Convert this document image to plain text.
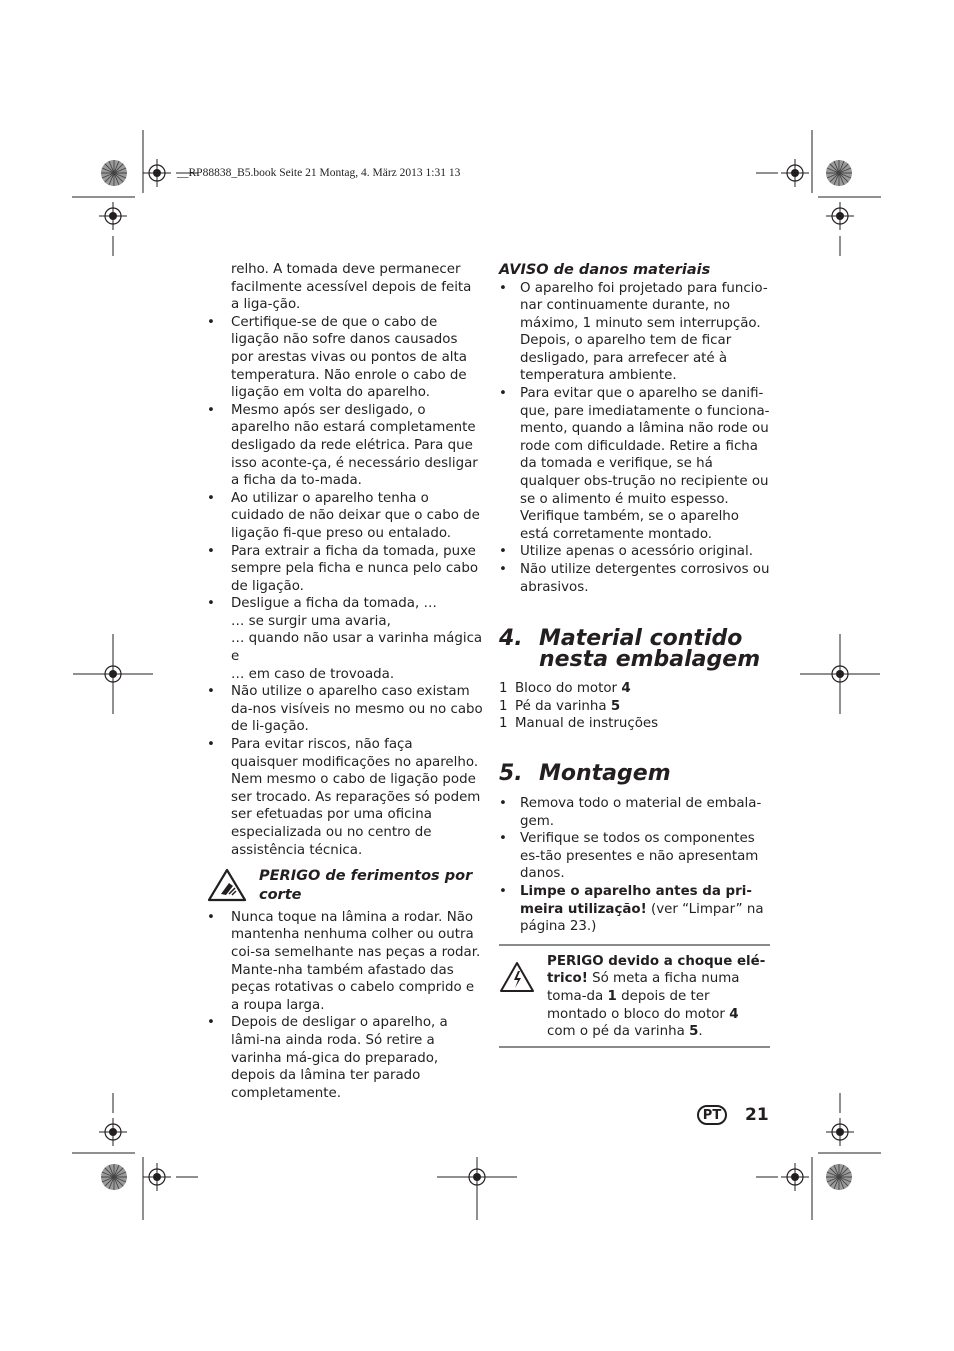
__RP88838_B5.book Seite 21 Montag, 4. März 2013 1:31 13
relho. A tomada deve permanecer facilmente acessível depois de feita a liga-ção.
• Certifique-se de que o cabo de ligação não sofre danos causados por arestas vivas ou pontos de alta temperatura. Não enrole o cabo de ligação em volta do aparelho.
• Mesmo após ser desligado, o aparelho não estará completamente desligado da rede elétrica. Para que isso aconte-ça, é necessário desligar a ficha da to-mada.
• Ao utilizar o aparelho tenha o cuidado de não deixar que o cabo de ligação fi-que preso ou entalado.
• Para extrair a ficha da tomada, puxe sempre pela ficha e nunca pelo cabo de ligação.
• Desligue a ficha da tomada, …
… se surgir uma avaria,
… quando não usar a varinha mágica e
… em caso de trovoada.
• Não utilize o aparelho caso existam da-nos visíveis no mesmo ou no cabo de li-gação.
• Para evitar riscos, não faça quaisquer modificações no aparelho. Nem mesmo o cabo de ligação pode ser trocado. As reparações só podem ser efetuadas por uma oficina especializada ou no centro de assistência técnica.
PERIGO de ferimentos por corte
• Nunca toque na lâmina a rodar. Não mantenha nenhuma colher ou outra coi-sa semelhante nas peças a rodar. Mante-nha também afastado das peças rotativas o cabelo comprido e a roupa larga.
• Depois de desligar o aparelho, a lâmi-na ainda roda. Só retire a varinha má-gica do preparado, depois da lâmina ter parado completamente.
AVISO de danos materiais
• O aparelho foi projetado para funcio-nar continuamente durante, no máximo, 1 minuto sem interrupção. Depois, o aparelho tem de ficar desligado, para arrefecer até à temperatura ambiente.
• Para evitar que o aparelho se danifi-que, pare imediatamente o funciona-mento, quando a lâmina não rode ou rode com dificuldade. Retire a ficha da tomada e verifique, se há qualquer obs-trução no recipiente ou se o alimento é muito espesso. Verifique também, se o aparelho está corretamente montado.
• Utilize apenas o acessório original.
• Não utilize detergentes corrosivos ou abrasivos.
4. Material contido nesta embalagem
1 Bloco do motor 4
1 Pé da varinha 5
1 Manual de instruções
5. Montagem
• Remova todo o material de embala-gem.
• Verifique se todos os componentes es-tão presentes e não apresentam danos.
• Limpe o aparelho antes da pri-meira utilização! (ver “Limpar” na página 23.)
PERIGO devido a choque elé-trico! Só meta a ficha numa toma-da 1 depois de ter montado o bloco do motor 4 com o pé da varinha 5.
PT	21
